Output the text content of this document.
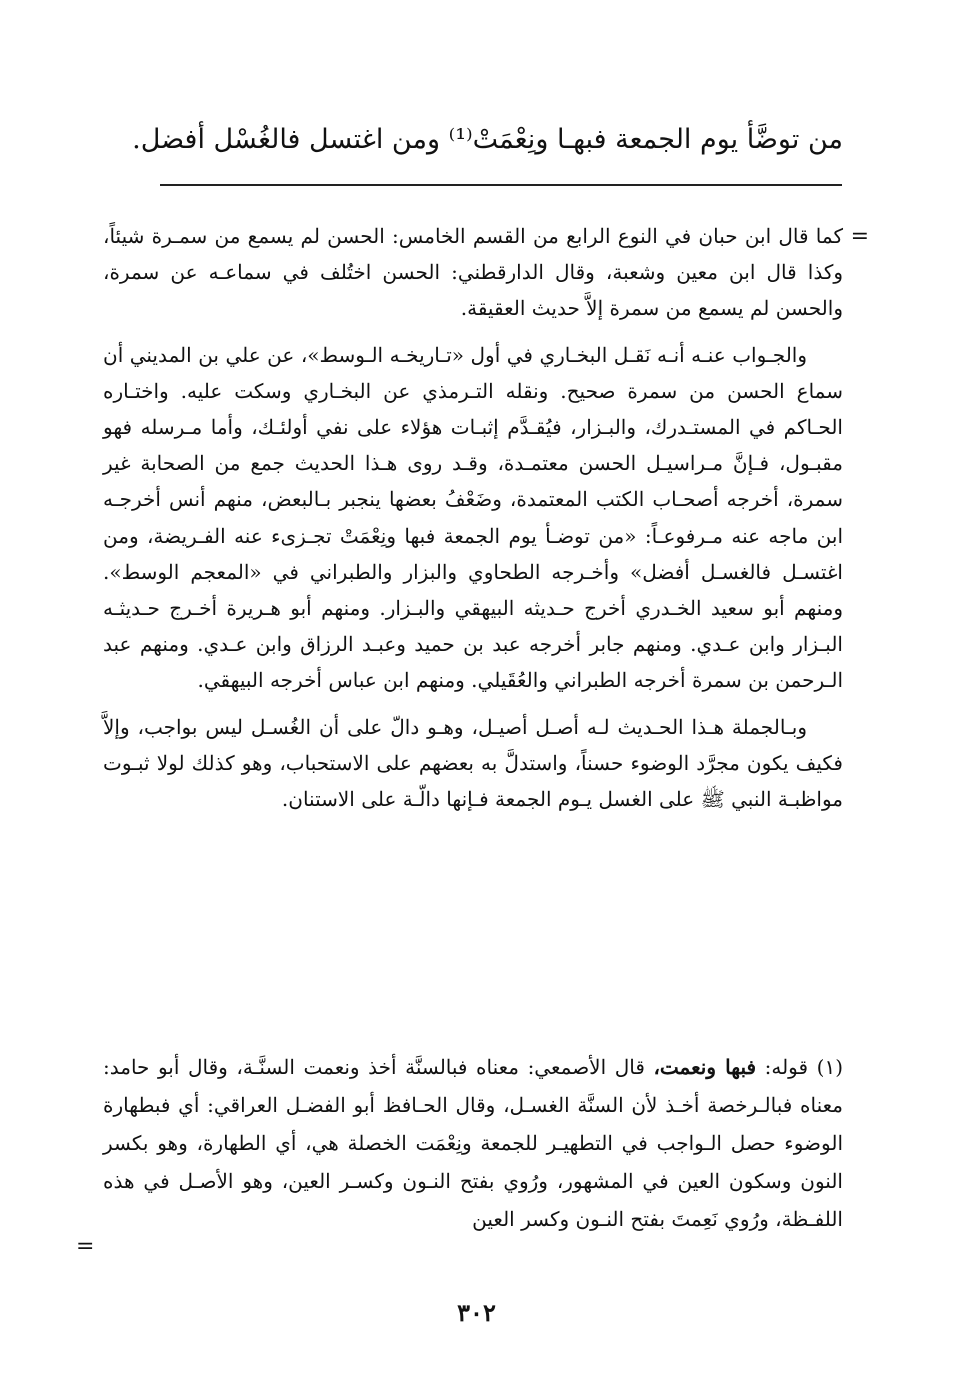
من توضَّأ يوم الجمعة فبهـا ونِعْمَتْ⁽¹⁾ ومن اغتسل فالغُسْل أفضل.
=

كما قال ابن حبان في النوع الرابع من القسم الخامس: الحسن لم يسمع من سمـرة شيئاً، وكذا قال ابن معين وشعبة، وقال الدارقطني: الحسن اختُلف في سماعـه عن سمرة، والحسن لم يسمع من سمرة إلاَّ حديث العقيقة.

والجـواب عنـه أنـه نَقـل البخـاري في أول «تـاريخـه الـوسط»، عن علي بن المديني أن سماع الحسن من سمرة صحيح. ونقله التـرمذي عن البخـاري وسكت عليه. واختـاره الحـاكم في المستـدرك، والبـزار، فيُقـدَّم إثبـات هؤلاء على نفي أولئـك، وأما مـرسله فهو مقبـول، فـإنَّ مـراسيـل الحسن معتمـدة، وقـد روى هـذا الحديث جمع من الصحابة غير سمرة، أخرجه أصحـاب الكتب المعتمدة، وضَعْفُ بعضها ينجبر بـالبعض، منهم أنس أخرجـه ابن ماجه عنه مـرفوعـاً: «من توضـأ يوم الجمعة فبها ونِعْمَتْ تجـزىء عنه الفـريضة، ومن اغتسـل فالغسـل أفضل» وأخـرجه الطحاوي والبزار والطبراني في «المعجم الوسط». ومنهم أبو سعيد الخـدري أخرج حـديثه البيهقي والبـزار. ومنهم أبو هـريرة أخـرج حـديثـه البـزار وابن عـدي. ومنهم جابر أخرجه عبد بن حميد وعبـد الرزاق وابن عـدي. ومنهم عبد الـرحمن بن سمرة أخرجه الطبراني والعُقَيلي. ومنهم ابن عباس أخرجه البيهقي.

وبـالجملة هـذا الحـديث لـه أصـل أصيـل، وهـو دالّ على أن الغُسـل ليس بواجب، وإلاَّ فكيف يكون مجرَّد الوضوء حسناً، واستدلَّ به بعضهم على الاستحباب، وهو كذلك لولا ثبـوت مواظبـة النبي ﷺ على الغسل يـوم الجمعة فـإنها دالّـة على الاستنان.

(١) قوله: فبها ونعمت، قال الأصمعي: معناه فبالسنَّة أخذ ونعمت السنَّـة، وقال أبو حامد: معناه فبالـرخصة أخـذ لأن السنَّة الغسـل، وقال الحـافظ أبو الفضـل العراقي: أي فبطهارة الوضوء حصل الـواجب في التطهيـر للجمعة ونِعْمَت الخصلة هي، أي الطهارة، وهو بكسر النون وسكون العين في المشهور، ورُوي بفتح النـون وكسـر العين، وهو الأصـل في هذه اللفـظة، ورُوي نَعِمتَ بفتح النـون وكسر العين
=
٣٠٢
